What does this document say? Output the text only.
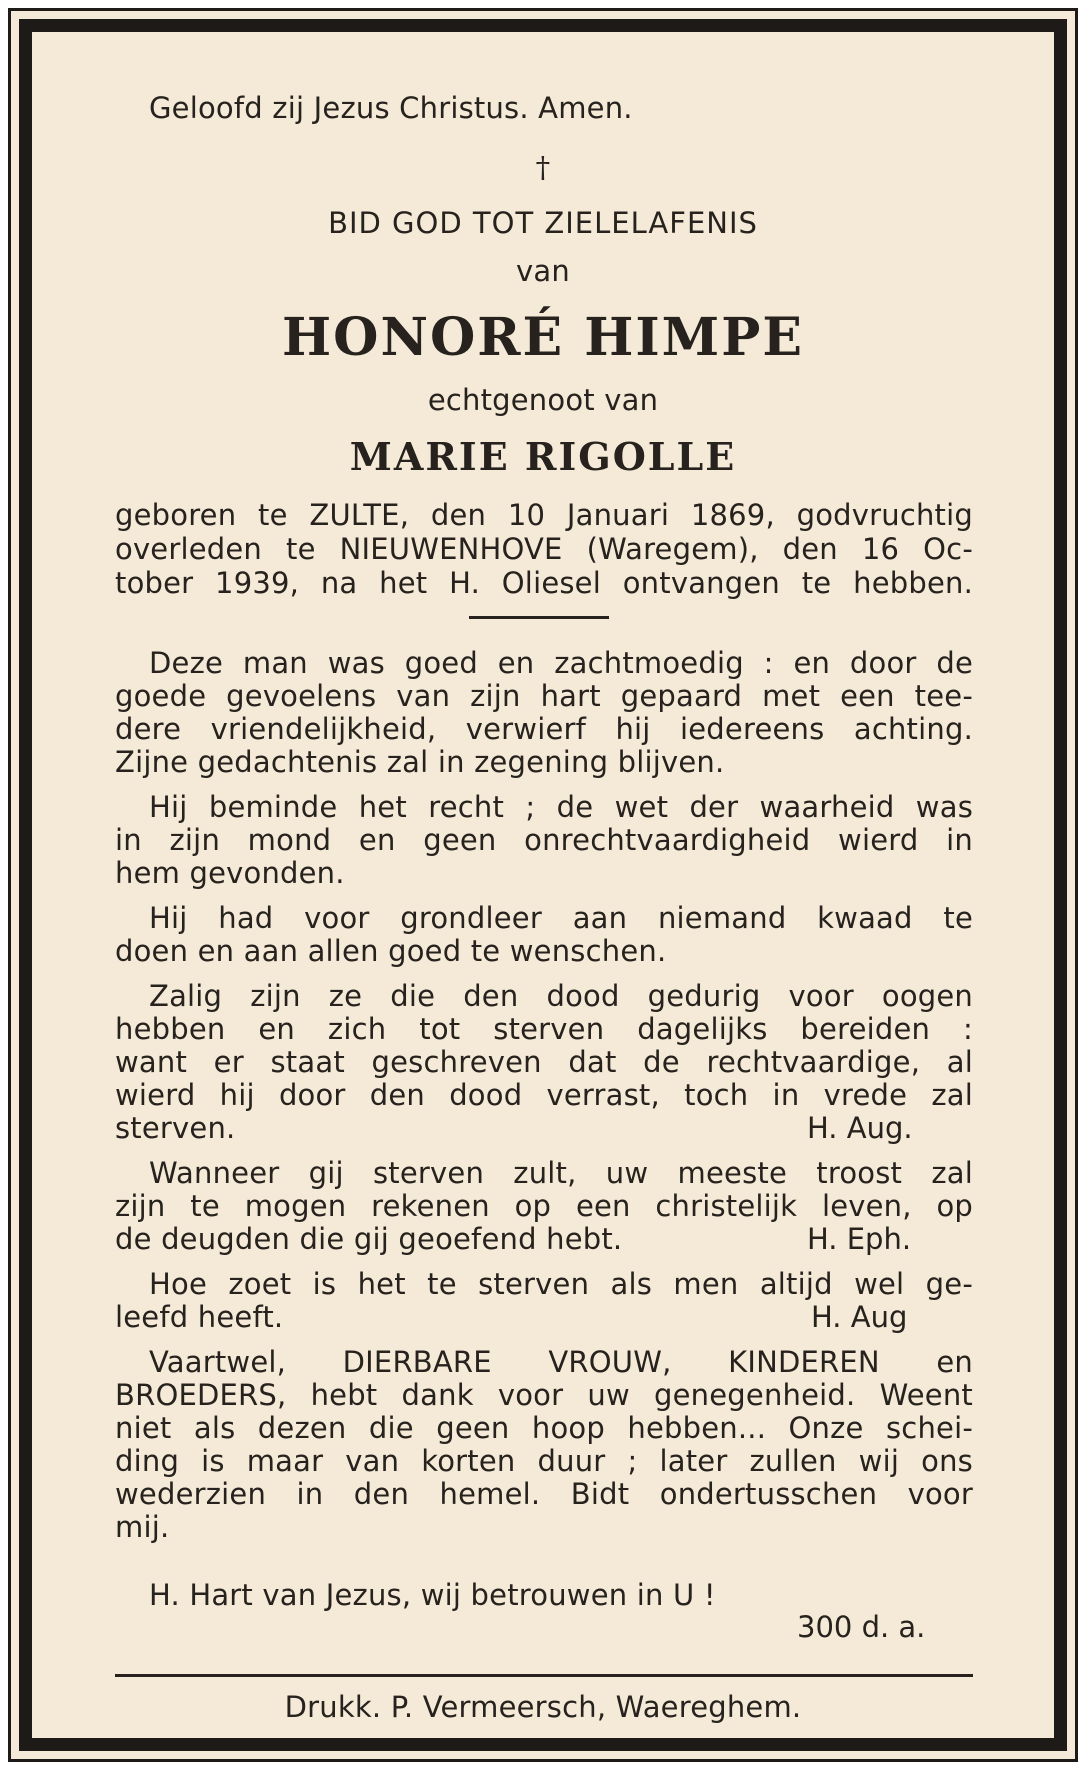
Geloofd zij Jezus Christus. Amen.
†
BID GOD TOT ZIELELAFENIS
van
HONORÉ HIMPE
echtgenoot van
MARIE RIGOLLE
geboren te ZULTE, den 10 Januari 1869, godvruchtig
overleden te NIEUWENHOVE (Waregem), den 16 Oc-
tober 1939, na het H. Oliesel ontvangen te hebben.
Deze man was goed en zachtmoedig : en door de
goede gevoelens van zijn hart gepaard met een tee-
dere vriendelijkheid, verwierf hij iedereens achting.
Zijne gedachtenis zal in zegening blijven.
Hij beminde het recht ; de wet der waarheid was
in zijn mond en geen onrechtvaardigheid wierd in
hem gevonden.
Hij had voor grondleer aan niemand kwaad te
doen en aan allen goed te wenschen.
Zalig zijn ze die den dood gedurig voor oogen
hebben en zich tot sterven dagelijks bereiden :
want er staat geschreven dat de rechtvaardige, al
wierd hij door den dood verrast, toch in vrede zal
sterven.	H. Aug.
Wanneer gij sterven zult, uw meeste troost zal
zijn te mogen rekenen op een christelijk leven, op
de deugden die gij geoefend hebt.	H. Eph.
Hoe zoet is het te sterven als men altijd wel ge-
leefd heeft.	H. Aug
Vaartwel, DIERBARE VROUW, KINDEREN en
BROEDERS, hebt dank voor uw genegenheid. Weent
niet als dezen die geen hoop hebben... Onze schei-
ding is maar van korten duur ; later zullen wij ons
wederzien in den hemel. Bidt ondertusschen voor
mij.
H. Hart van Jezus, wij betrouwen in U !
300 d. a.
Drukk. P. Vermeersch, Waereghem.
